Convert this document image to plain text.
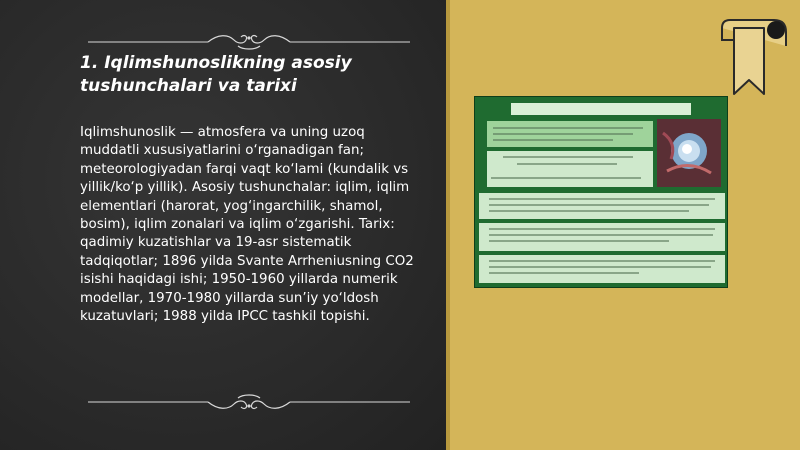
1. Iqlimshunoslikning asosiy tushunchalari va tarixi

Iqlimshunoslik — atmosfera va uning uzoq muddatli xususiyatlarini o‘rganadigan fan; meteorologiyadan farqi vaqt ko‘lami (kundalik vs yillik/ko‘p yillik). Asosiy tushunchalar: iqlim, iqlim elementlari (harorat, yog‘ingarchilik, shamol, bosim), iqlim zonalari va iqlim o‘zgarishi. Tarix: qadimiy kuzatishlar va 19-asr sistematik tadqiqotlar; 1896 yilda Svante Arrheniusning CO2 isishi haqidagi ishi; 1950-1960 yillarda numerik modellar, 1970-1980 yillarda sun’iy yo‘ldosh kuzatuvlari; 1988 yilda IPCC tashkil topishi.
